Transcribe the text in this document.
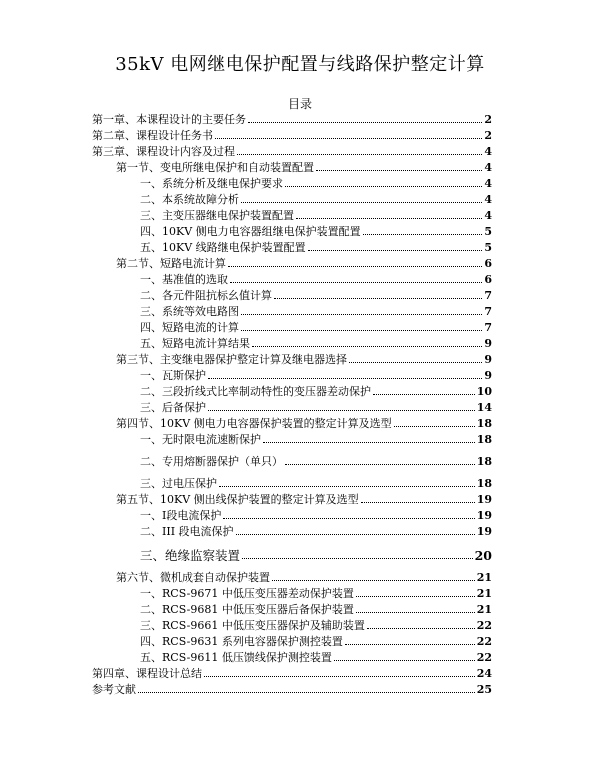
35kV 电网继电保护配置与线路保护整定计算
目录
第一章、本课程设计的主要任务	2
第二章、课程设计任务书	2
第三章、课程设计内容及过程	4
第一节、变电所继电保护和自动装置配置	4
一、系统分析及继电保护要求	4
二、本系统故障分析	4
三、主变压器继电保护装置配置	4
四、10KV 侧电力电容器组继电保护装置配置	5
五、10KV 线路继电保护装置配置	5
第二节、短路电流计算	6
一、基准值的选取	6
二、各元件阻抗标幺值计算	7
三、系统等效电路图	7
四、短路电流的计算	7
五、短路电流计算结果	9
第三节、主变继电器保护整定计算及继电器选择	9
一、瓦斯保护	9
二、三段折线式比率制动特性的变压器差动保护	10
三、后备保护	14
第四节、10KV 侧电力电容器保护装置的整定计算及选型	18
一、无时限电流速断保护	18
二、专用熔断器保护（单只）	18
三、过电压保护	18
第五节、10KV 侧出线保护装置的整定计算及选型	19
一、Ⅰ段电流保护	19
二、III 段电流保护	19
三、绝缘监察装置	20
第六节、微机成套自动保护装置	21
一、RCS-9671 中低压变压器差动保护装置	21
二、RCS-9681 中低压变压器后备保护装置	21
三、RCS-9661 中低压变压器保护及辅助装置	22
四、RCS-9631 系列电容器保护测控装置	22
五、RCS-9611 低压馈线保护测控装置	22
第四章、课程设计总结	24
参考文献	25
